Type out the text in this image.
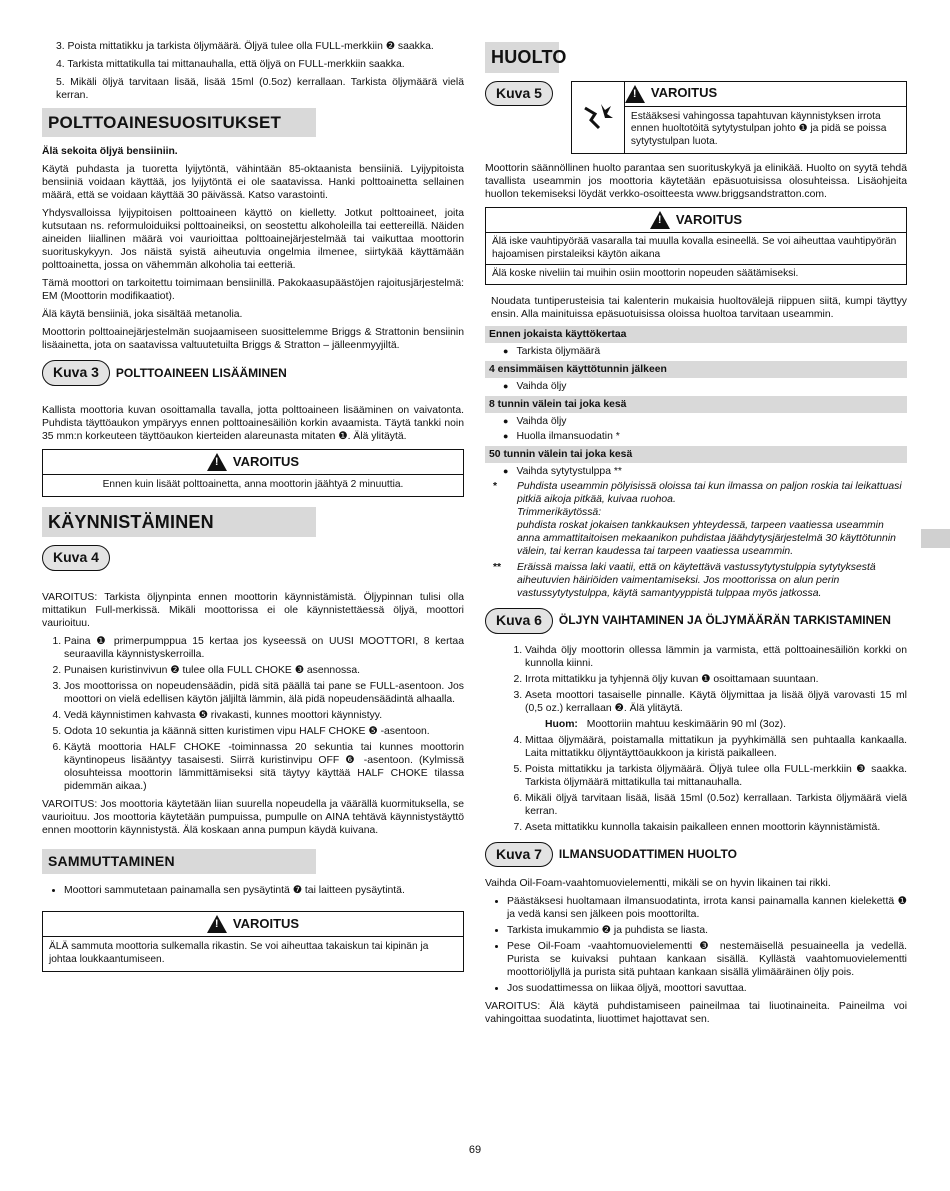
3. Poista mittatikku ja tarkista öljymäärä. Öljyä tulee olla FULL-merkkiin ❷ saakka.

4. Tarkista mittatikulla tai mittanauhalla, että öljyä on FULL-merkkiin saakka.

5. Mikäli öljyä tarvitaan lisää, lisää 15ml (0.5oz) kerrallaan. Tarkista öljymäärä vielä kerran.

POLTTOAINESUOSITUKSET

Älä sekoita öljyä bensiiniin.

Käytä puhdasta ja tuoretta lyijytöntä, vähintään 85-oktaanista bensiiniä. Lyijypitoista bensiiniä voidaan käyttää, jos lyijytöntä ei ole saatavissa. Hanki polttoainetta sellainen määrä, että se voidaan käyttää 30 päivässä. Katso varastointi.

Yhdysvalloissa lyijypitoisen polttoaineen käyttö on kielletty. Jotkut polttoaineet, joita kutsutaan ns. reformuloiduiksi polttoaineiksi, on seostettu alkoholeilla tai eettereillä. Näiden aineiden liiallinen määrä voi vaurioittaa polttoainejärjestelmää tai vaikuttaa moottorin suorituskykyyn. Jos näistä syistä aiheutuvia ongelmia ilmenee, siirtykää käyttämään polttoainetta, jossa on vähemmän alkoholia tai eetteriä.

Tämä moottori on tarkoitettu toimimaan bensiinillä. Pakokaasupäästöjen rajoitusjärjestelmä: EM (Moottorin modifikaatiot).

Älä käytä bensiiniä, joka sisältää metanolia.

Moottorin polttoainejärjestelmän suojaamiseen suosittelemme Briggs & Strattonin bensiinin lisäainetta, jota on saatavissa valtuutetuilta Briggs & Stratton – jälleenmyyjiltä.

Kuva 3	POLTTOAINEEN LISÄÄMINEN

Kallista moottoria kuvan osoittamalla tavalla, jotta polttoaineen lisääminen on vaivatonta. Puhdista täyttöaukon ympäryys ennen polttoainesäiliön korkin avaamista. Täytä tankki noin 35 mm:n korkeuteen täyttöaukon kierteiden alareunasta mitaten ❶. Älä ylitäytä.

!
VAROITUS
Ennen kuin lisäät polttoainetta, anna moottorin jäähtyä 2 minuuttia.
KÄYNNISTÄMINEN
Kuva 4

VAROITUS: Tarkista öljynpinta ennen moottorin käynnistämistä. Öljypinnan tulisi olla mittatikun Full-merkissä. Mikäli moottorissa ei ole käynnistettäessä öljyä, moottori vaurioituu.

1. Paina ❶ primerpumppua 15 kertaa jos kyseessä on UUSI MOOTTORI, 8 kertaa seuraavilla käynnistyskerroilla.
2. Punaisen kuristinvivun ❷ tulee olla FULL CHOKE ❸ asennossa.
3. Jos moottorissa on nopeudensäädin, pidä sitä päällä tai pane se FULL-asentoon. Jos moottori on vielä edellisen käytön jäljiltä lämmin, älä pidä nopeudensäädintä alhaalla.
4. Vedä käynnistimen kahvasta ❺ rivakasti, kunnes moottori käynnistyy.
5. Odota 10 sekuntia ja käännä sitten kuristimen vipu HALF CHOKE ❺ -asentoon.
6. Käytä moottoria HALF CHOKE -toiminnassa 20 sekuntia tai kunnes moottorin käyntinopeus lisääntyy tasaisesti. Siirrä kuristinvipu OFF ❻ -asentoon. (Kylmissä olosuhteissa moottorin lämmittämiseksi sitä täytyy käyttää HALF CHOKE tilassa pidemmän aikaa.)

VAROITUS: Jos moottoria käytetään liian suurella nopeudella ja väärällä kuormituksella, se vaurioituu. Jos moottoria käytetään pumpuissa, pumpulle on AINA tehtävä käynnistystäyttö ennen moottorin käynnistystä. Älä koskaan anna pumpun käydä kuivana.

SAMMUTTAMINEN
• Moottori sammutetaan painamalla sen pysäytintä ❼ tai laitteen pysäytintä.
!
VAROITUS
ÄLÄ sammuta moottoria sulkemalla rikastin. Se voi aiheuttaa takaiskun tai kipinän ja johtaa loukkaantumiseen.
HUOLTO
Kuva 5
!	VAROITUS
Estääksesi vahingossa tapahtuvan käynnistyksen irrota ennen huoltotöitä sytytystulpan johto ❶ ja pidä se poissa sytytystulpan luota.

Moottorin säännöllinen huolto parantaa sen suorituskykyä ja elinikää. Huolto on syytä tehdä tavallista useammin jos moottoria käytetään epäsuotuisissa olosuhteissa. Lisäohjeita huollon tekemiseksi löydät verkko-osoitteesta www.briggsandstratton.com.

!
VAROITUS
Älä iske vauhtipyörää vasaralla tai muulla kovalla esineellä. Se voi aiheuttaa vauhtipyörän hajoamisen pirstaleiksi käytön aikana
Älä koske niveliin tai muihin osiin moottorin nopeuden säätämiseksi.

Noudata tuntiperusteisia tai kalenterin mukaisia huoltovälejä riippuen siitä, kumpi täyttyy ensin. Alla mainituissa epäsuotuisissa oloissa huoltoa tarvitaan useammin.

Ennen jokaista käyttökertaa
● Tarkista öljymäärä
4 ensimmäisen käyttötunnin jälkeen
● Vaihda öljy
8 tunnin välein tai joka kesä
● Vaihda öljy
● Huolla ilmansuodatin *
50 tunnin välein tai joka kesä
● Vaihda sytytystulppa **
*	Puhdista useammin pölyisissä oloissa tai kun ilmassa on paljon roskia tai leikattuasi pitkiä aikoja pitkää, kuivaa ruohoa.
Trimmerikäytössä:
puhdista roskat jokaisen tankkauksen yhteydessä, tarpeen vaatiessa useammin
anna ammattitaitoisen mekaanikon puhdistaa jäähdytysjärjestelmä 30 käyttötunnin välein, tai kerran kaudessa tai tarpeen vaatiessa useammin.
**	Eräissä maissa laki vaatii, että on käytettävä vastussytytystulppia sytytyksestä aiheutuvien häiriöiden vaimentamiseksi. Jos moottorissa on alun perin vastussytytystulppa, käytä samantyyppistä tulppaa myös jatkossa.
Kuva 6	ÖLJYN VAIHTAMINEN JA ÖLJYMÄÄRÄN TARKISTAMINEN
1. Vaihda öljy moottorin ollessa lämmin ja varmista, että polttoainesäiliön korkki on kunnolla kiinni.
2. Irrota mittatikku ja tyhjennä öljy kuvan ❶ osoittamaan suuntaan.
3. Aseta moottori tasaiselle pinnalle. Käytä öljymittaa ja lisää öljyä varovasti 15 ml (0,5 oz.) kerrallaan ❷. Älä ylitäytä.
Huom: Moottoriin mahtuu keskimäärin 90 ml (3oz).
4. Mittaa öljymäärä, poistamalla mittatikun ja pyyhkimällä sen puhtaalla kankaalla. Laita mittatikku öljyntäyttöaukkoon ja kiristä paikalleen.
5. Poista mittatikku ja tarkista öljymäärä. Öljyä tulee olla FULL-merkkiin ❸ saakka. Tarkista öljymäärä mittatikulla tai mittanauhalla.
6. Mikäli öljyä tarvitaan lisää, lisää 15ml (0.5oz) kerrallaan. Tarkista öljymäärä vielä kerran.
7. Aseta mittatikku kunnolla takaisin paikalleen ennen moottorin käynnistämistä.
Kuva 7	ILMANSUODATTIMEN HUOLTO

Vaihda Oil-Foam-vaahtomuovielementti, mikäli se on hyvin likainen tai rikki.

• Päästäksesi huoltamaan ilmansuodatinta, irrota kansi painamalla kannen kielekettä ❶ ja vedä kansi sen jälkeen pois moottorilta.
• Tarkista imukammio ❷ ja puhdista se liasta.
• Pese Oil-Foam -vaahtomuovielementti ❸ nestemäisellä pesuaineella ja vedellä. Purista se kuivaksi puhtaan kankaan sisällä. Kyllästä vaahtomuovielementti moottoriöljyllä ja purista sitä puhtaan kankaan sisällä ylimääräinen öljy pois.
• Jos suodattimessa on liikaa öljyä, moottori savuttaa.

VAROITUS: Älä käytä puhdistamiseen paineilmaa tai liuotinaineita. Paineilma voi vahingoittaa suodatinta, liuottimet hajottavat sen.

69
